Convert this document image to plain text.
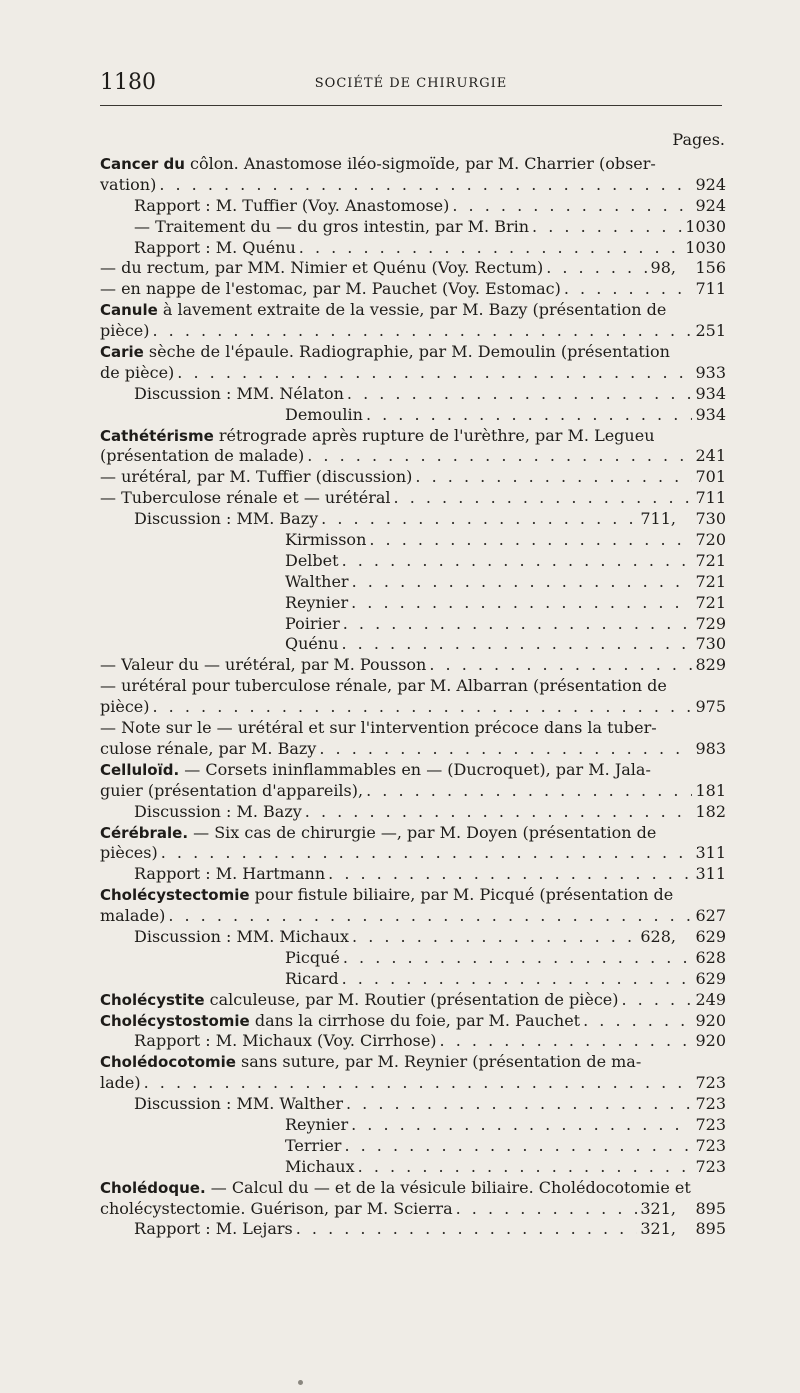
1180	SOCIÉTÉ DE CHIRURGIE
Pages.
Cancer du côlon. Anastomose iléo-sigmoïde, par M. Charrier (obser-
vation) . . .	924
Rapport : M. Tuffier (Voy. Anastomose) . . .	924
— Traitement du — du gros intestin, par M. Brin . . .	1030
Rapport : M. Quénu . . .	1030
— du rectum, par MM. Nimier et Quénu (Voy. Rectum) . . .	98,	156
— en nappe de l'estomac, par M. Pauchet (Voy. Estomac) . . .	711
Canule à lavement extraite de la vessie, par M. Bazy (présentation de
pièce) . . .	251
Carie sèche de l'épaule. Radiographie, par M. Demoulin (présentation
de pièce) . . .	933
Discussion : MM. Nélaton . . .	934
Demoulin . . .	934
Cathétérisme rétrograde après rupture de l'urèthre, par M. Legueu
(présentation de malade) . . .	241
— urétéral, par M. Tuffier (discussion) . . .	701
— Tuberculose rénale et — urétéral . . .	711
Discussion : MM. Bazy . . .	711,	730
Kirmisson . . .	720
Delbet . . .	721
Walther . . .	721
Reynier . . .	721
Poirier . . .	729
Quénu . . .	730
— Valeur du — urétéral, par M. Pousson . . .	829
— urétéral pour tuberculose rénale, par M. Albarran (présentation de
pièce) . . .	975
— Note sur le — urétéral et sur l'intervention précoce dans la tuber-
culose rénale, par M. Bazy . . .	983
Celluloïd. — Corsets ininflammables en — (Ducroquet), par M. Jala-
guier (présentation d'appareils), . . .	181
Discussion : M. Bazy . . .	182
Cérébrale. — Six cas de chirurgie —, par M. Doyen (présentation de
pièces) . . .	311
Rapport : M. Hartmann . . .	311
Cholécystectomie pour fistule biliaire, par M. Picqué (présentation de
malade) . . .	627
Discussion : MM. Michaux . . .	628,	629
Picqué . . .	628
Ricard . . .	629
Cholécystite calculeuse, par M. Routier (présentation de pièce) . . .	249
Cholécystostomie dans la cirrhose du foie, par M. Pauchet . . .	920
Rapport : M. Michaux (Voy. Cirrhose) . . .	920
Cholédocotomie sans suture, par M. Reynier (présentation de ma-
lade) . . .	723
Discussion : MM. Walther . . .	723
Reynier . . .	723
Terrier . . .	723
Michaux . . .	723
Cholédoque. — Calcul du — et de la vésicule biliaire. Cholédocotomie et
cholécystectomie. Guérison, par M. Scierra . . .	321,	895
Rapport : M. Lejars . . .	321,	895
